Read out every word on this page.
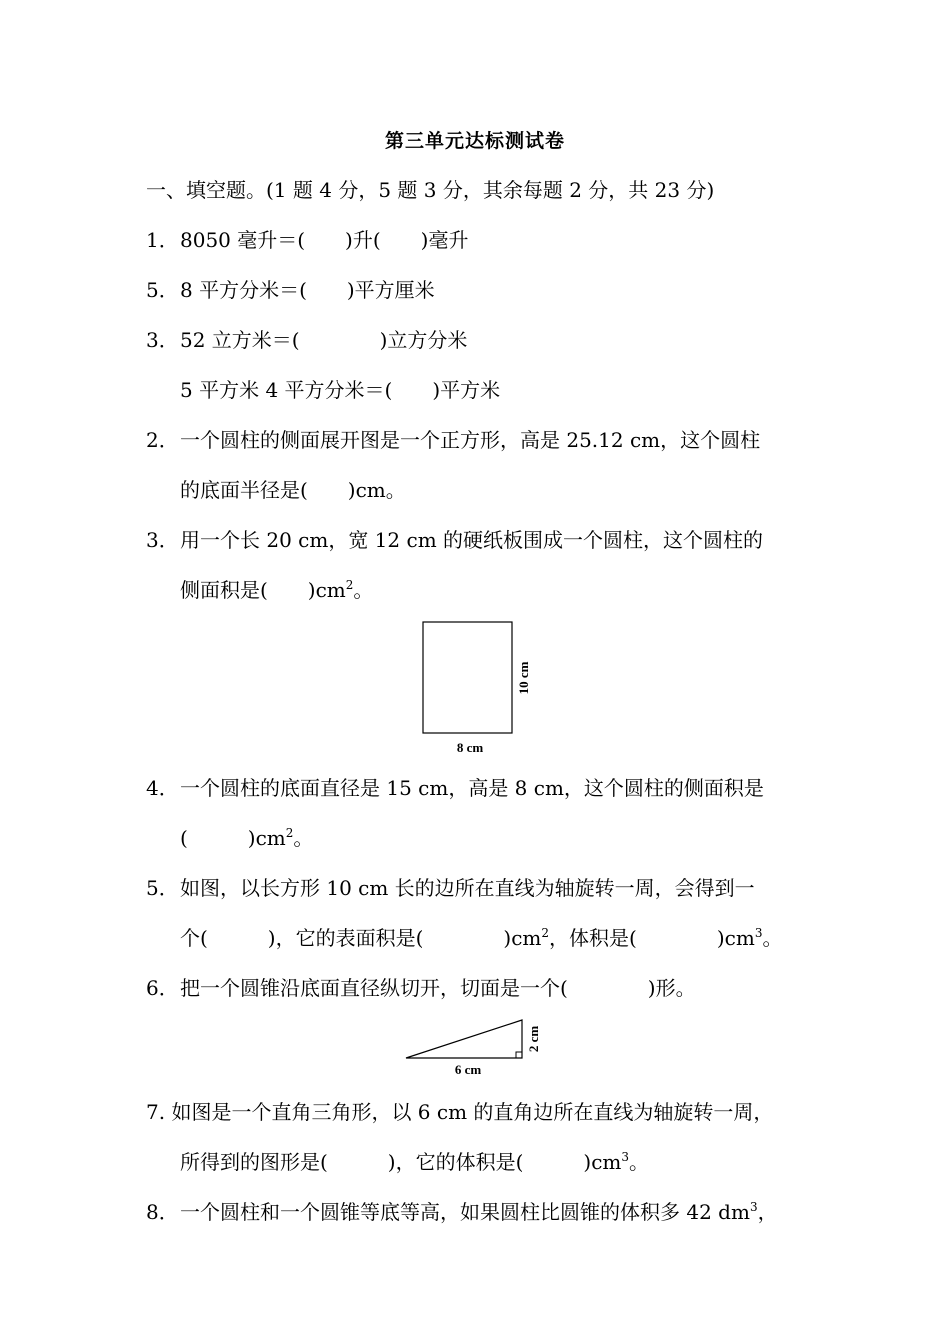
第三单元达标测试卷
一、填空题。(1 题 4 分，5 题 3 分，其余每题 2 分，共 23 分)
1．8050 毫升＝(　　)升(　　)毫升
5．8 平方分米＝(　　)平方厘米
3．52 立方米＝(　　　　)立方分米
5 平方米 4 平方分米＝(　　)平方米
2．一个圆柱的侧面展开图是一个正方形，高是 25.12 cm，这个圆柱
的底面半径是(　　)cm。
3．用一个长 20 cm，宽 12 cm 的硬纸板围成一个圆柱，这个圆柱的
侧面积是(　　)$cm^2$。
10 cm
8 cm
4．一个圆柱的底面直径是 15 cm，高是 8 cm，这个圆柱的侧面积是
(　　　)$cm^2$。
5．如图，以长方形 10 cm 长的边所在直线为轴旋转一周，会得到一
个(　　　)，它的表面积是(　　　　)$cm^2$，体积是(　　　　)$cm^3$。
6．把一个圆锥沿底面直径纵切开，切面是一个(　　　　)形。
2 cm
6 cm
7. 如图是一个直角三角形，以 6 cm 的直角边所在直线为轴旋转一周，
所得到的图形是(　　　)，它的体积是(　　　)$cm^3$。
8．一个圆柱和一个圆锥等底等高，如果圆柱比圆锥的体积多 42 $dm^3$，
